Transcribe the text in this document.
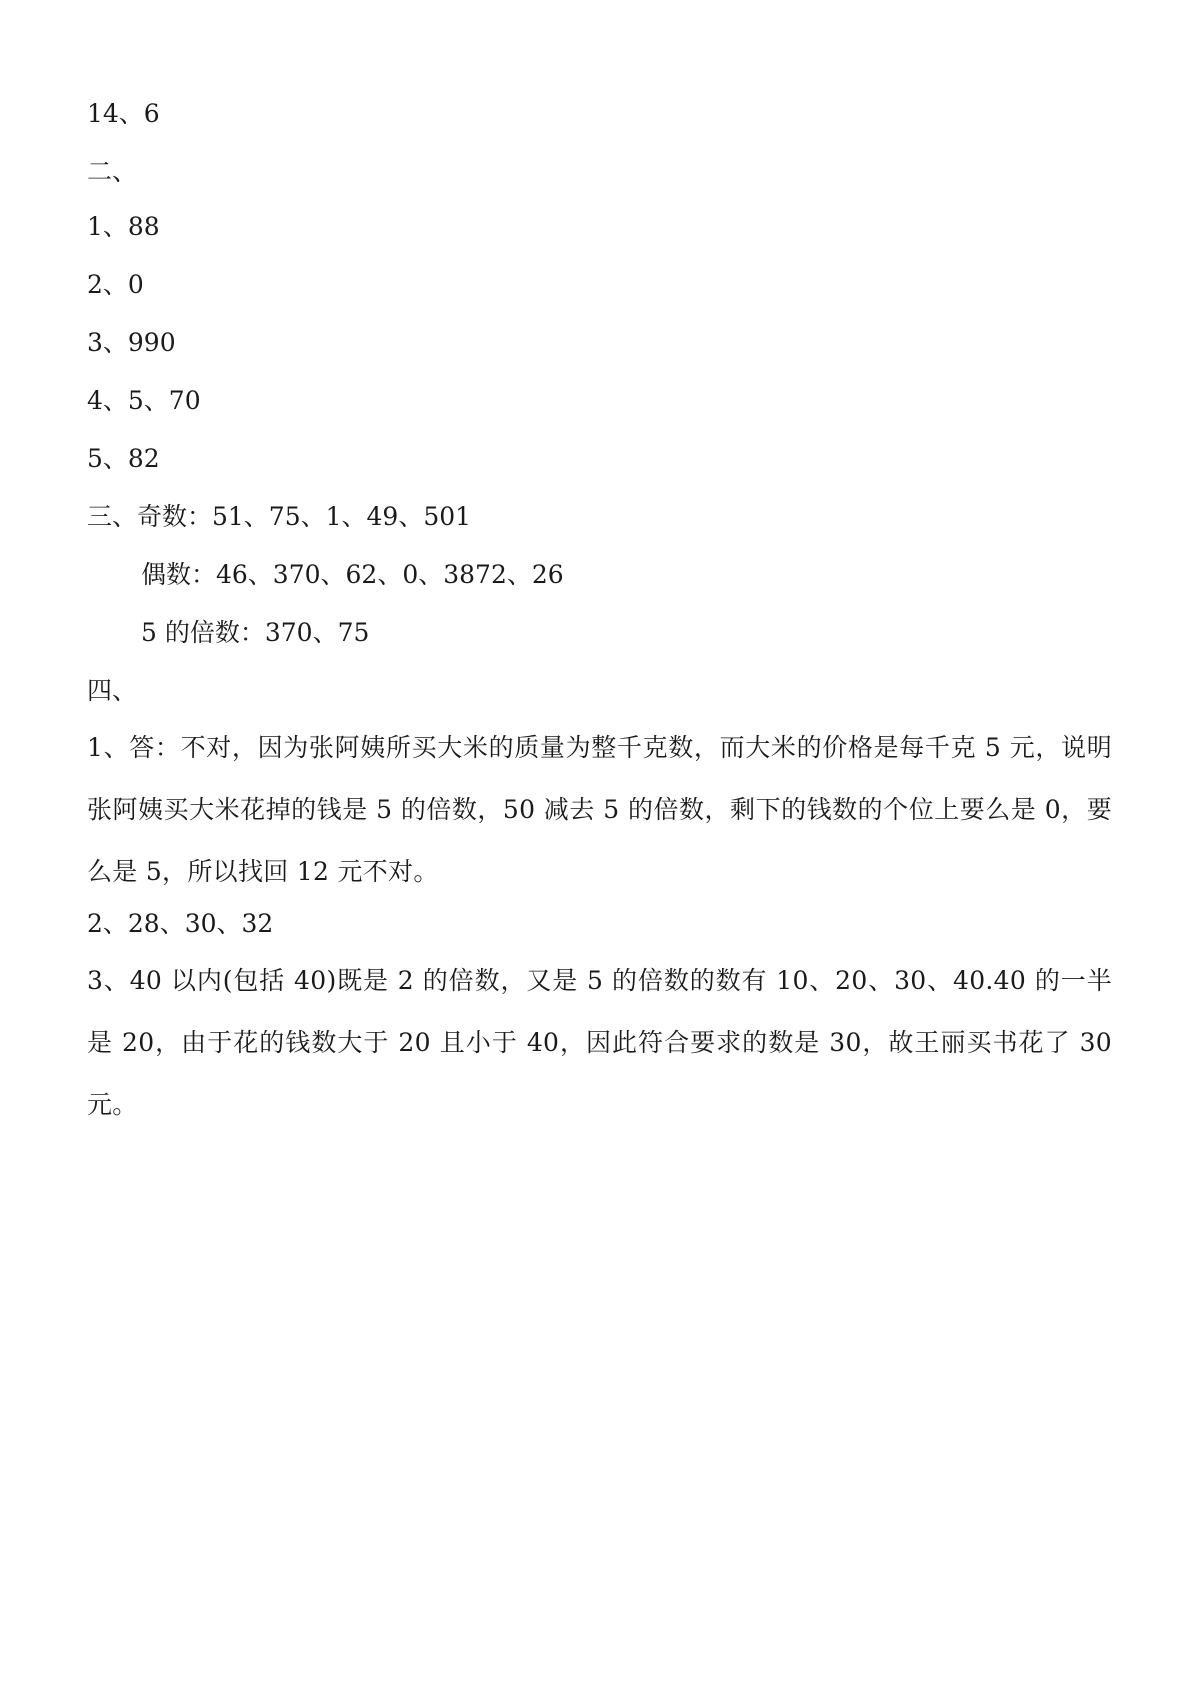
14、6

二、

1、88

2、0

3、990

4、5、70

5、82

三、奇数：51、75、1、49、501

偶数：46、370、62、0、3872、26

5 的倍数：370、75

四、

1、答：不对，因为张阿姨所买大米的质量为整千克数，而大米的价格是每千克 5 元，说明张阿姨买大米花掉的钱是 5 的倍数，50 减去 5 的倍数，剩下的钱数的个位上要么是 0，要么是 5，所以找回 12 元不对。

2、28、30、32

3、40 以内(包括 40)既是 2 的倍数，又是 5 的倍数的数有 10、20、30、40.40 的一半是 20，由于花的钱数大于 20 且小于 40，因此符合要求的数是 30，故王丽买书花了 30 元。
